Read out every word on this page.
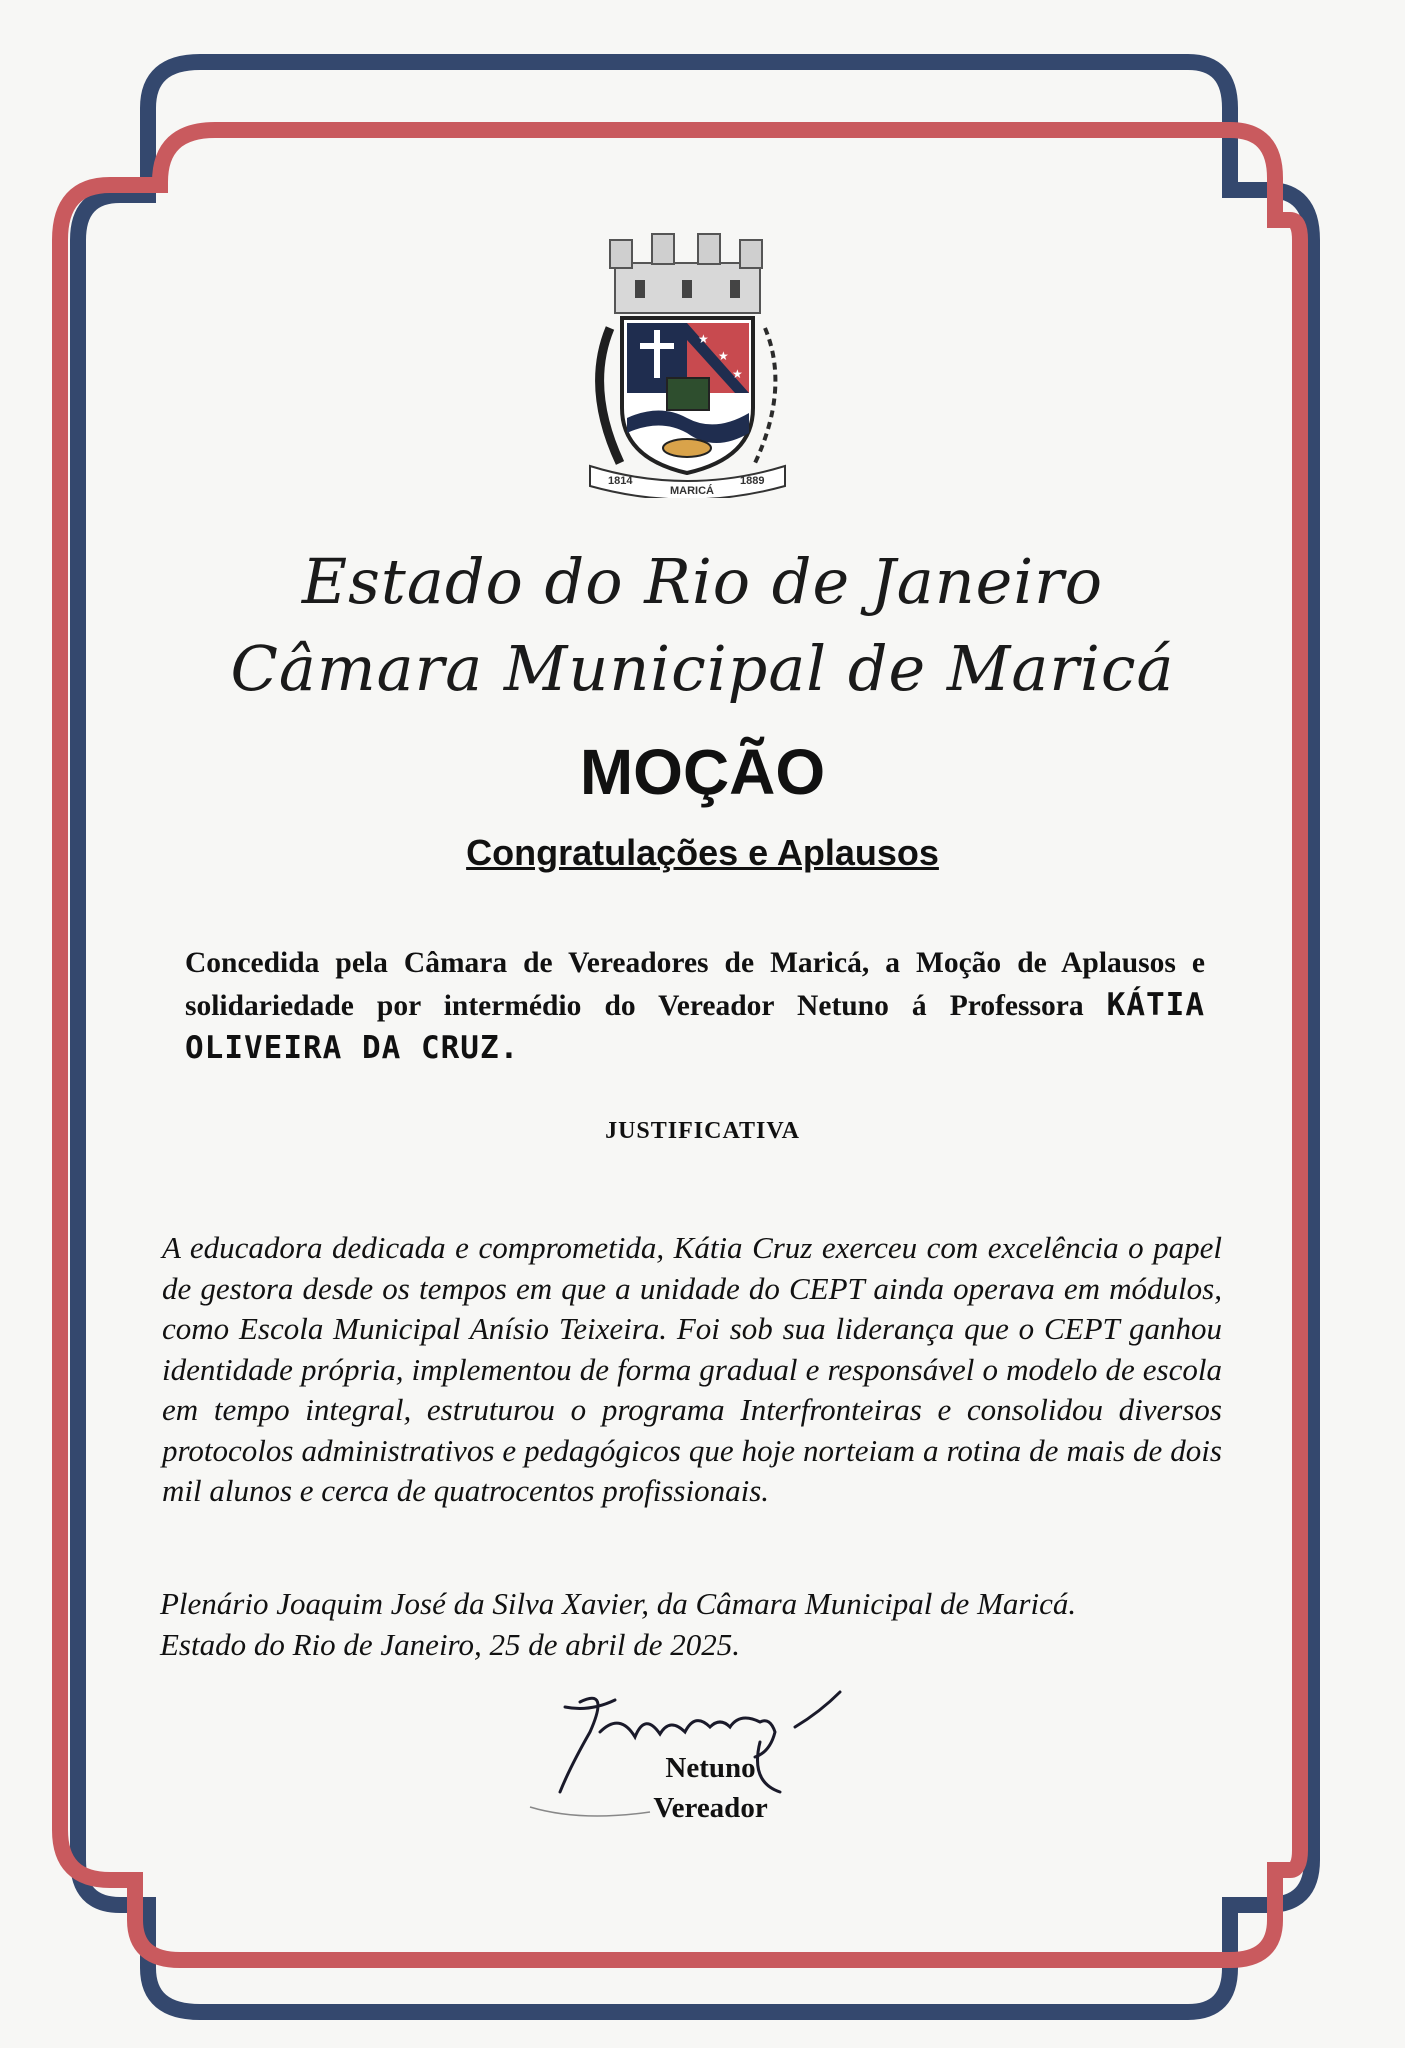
★
★
★
1814
MARICÁ
1889
Estado do Rio de Janeiro
Câmara Municipal de Maricá
MOÇÃO
Congratulações e Aplausos
Concedida pela Câmara de Vereadores de Maricá, a Moção de Aplausos e solidariedade por intermédio do Vereador Netuno á Professora KÁTIA OLIVEIRA DA CRUZ.
JUSTIFICATIVA
A educadora dedicada e comprometida, Kátia Cruz exerceu com excelência o papel de gestora desde os tempos em que a unidade do CEPT ainda operava em módulos, como Escola Municipal Anísio Teixeira. Foi sob sua liderança que o CEPT ganhou identidade própria, implementou de forma gradual e responsável o modelo de escola em tempo integral, estruturou o programa Interfronteiras e consolidou diversos protocolos administrativos e pedagógicos que hoje norteiam a rotina de mais de dois mil alunos e cerca de quatrocentos profissionais.
Plenário Joaquim José da Silva Xavier, da Câmara Municipal de Maricá.
Estado do Rio de Janeiro, 25 de abril de 2025.
Netuno
Vereador
